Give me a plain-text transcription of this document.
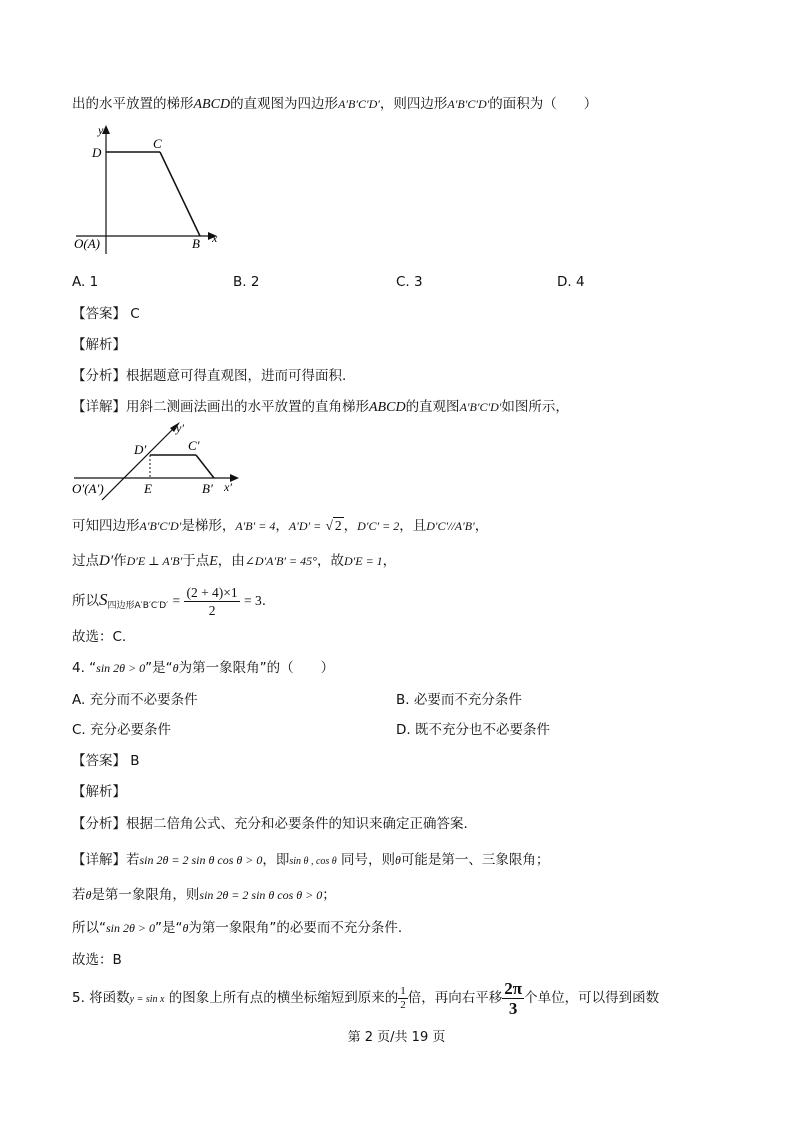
出的水平放置的梯形ABCD的直观图为四边形A′B′C′D′，则四边形A′B′C′D′的面积为（　　）
y
D
C
O(A)	B x
A. 1	B. 2	C. 3	D. 4
【答案】 C
【解析】
【分析】根据题意可得直观图，进而可得面积.
【详解】用斜二测画法画出的水平放置的直角梯形ABCD的直观图A′B′C′D′如图所示，
y′
D′	C′
O′(A′)	E	B′ x′
可知四边形A′B′C′D′是梯形，A′B′ = 4，A′D′ = √ 2 ，D′C′ = 2，且D′C′//A′B′，
过点D′作D′E ⊥ A′B′于点E，由∠D′A′B′ = 45°，故D′E = 1，
所以$S_{四边形A'B'C'D'} = \frac{(2 + 4)\times 1}{2} = 3$.
故选：C.
4. “sin 2θ > 0”是“θ为第一象限角”的（　　）
A. 充分而不必要条件	B. 必要而不充分条件
C. 充分必要条件	D. 既不充分也不必要条件
【答案】 B
【解析】
【分析】根据二倍角公式、充分和必要条件的知识来确定正确答案.
【详解】若sin 2θ = 2 sin θ cos θ > 0，即sin θ , cos θ 同号，则θ可能是第一、三象限角；
若θ是第一象限角，则sin 2θ = 2 sin θ cos θ > 0；
所以“sin 2θ > 0”是“θ为第一象限角”的必要而不充分条件.
故选：B
5. 将函数y = sin x 的图象上所有点的横坐标缩短到原来的 $\frac{1}{2}$ 倍，再向右平移 $\frac{2\pi}{3}$ 个单位，可以得到函数
第 2 页/共 19 页
